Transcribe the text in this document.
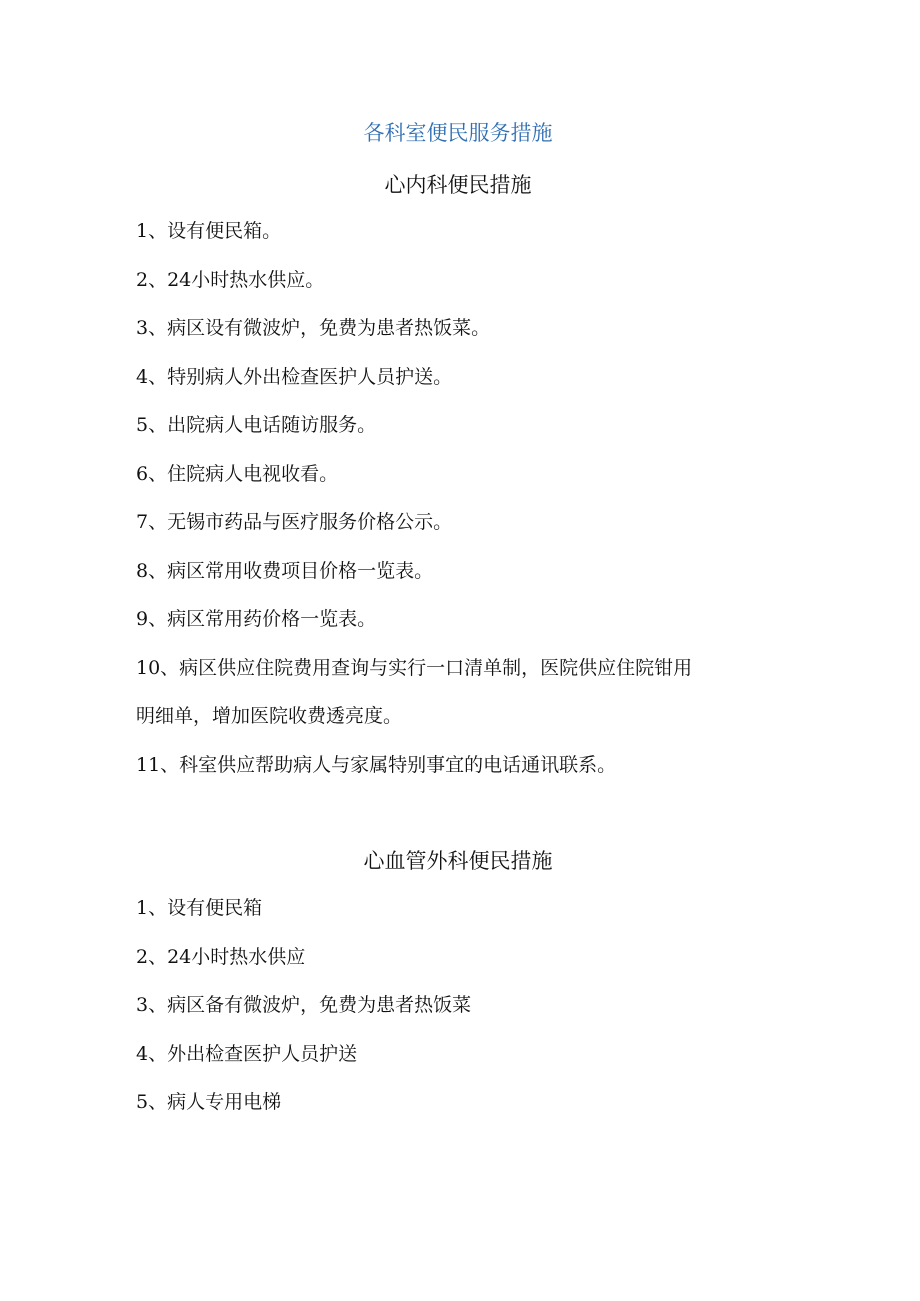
各科室便民服务措施
心内科便民措施
1、设有便民箱。
2、24小时热水供应。
3、病区设有微波炉，免费为患者热饭菜。
4、特别病人外出检查医护人员护送。
5、出院病人电话随访服务。
6、住院病人电视收看。
7、无锡市药品与医疗服务价格公示。
8、病区常用收费项目价格一览表。
9、病区常用药价格一览表。
10、病区供应住院费用查询与实行一口清单制，医院供应住院钳用
明细单，增加医院收费透亮度。
11、科室供应帮助病人与家属特别事宜的电话通讯联系。
心血管外科便民措施
1、设有便民箱
2、24小时热水供应
3、病区备有微波炉，免费为患者热饭菜
4、外出检查医护人员护送
5、病人专用电梯
